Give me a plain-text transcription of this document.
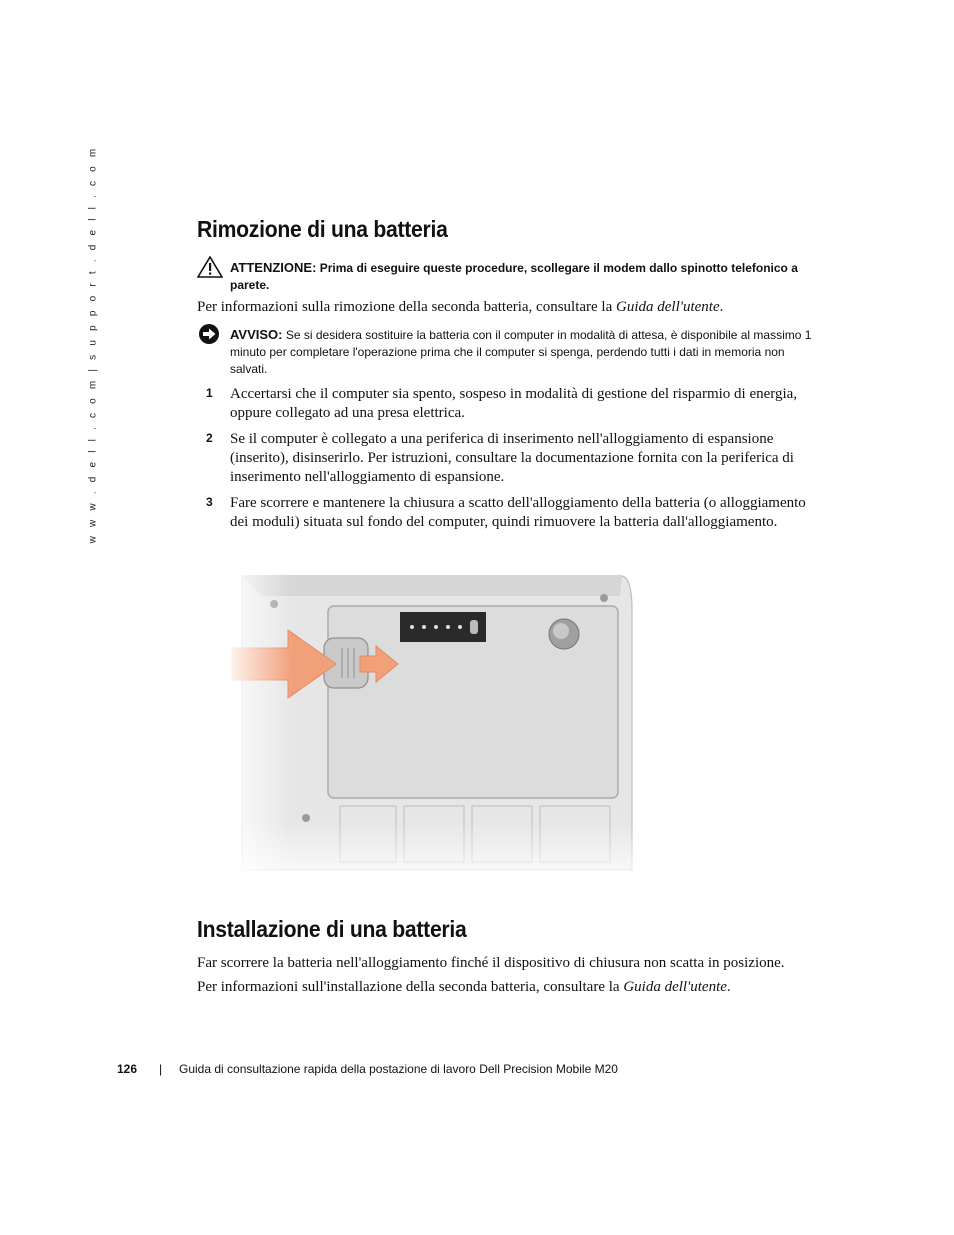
w w w . d e l l . c o m | s u p p o r t . d e l l . c o m	Rimozione di una batteria
ATTENZIONE: Prima di eseguire queste procedure, scollegare il modem dallo spinotto telefonico a parete.

Per informazioni sulla rimozione della seconda batteria, consultare la Guida dell'utente.

AVVISO: Se si desidera sostituire la batteria con il computer in modalità di attesa, è disponibile al massimo 1 minuto per completare l'operazione prima che il computer si spenga, perdendo tutti i dati in memoria non salvati.
1 Accertarsi che il computer sia spento, sospeso in modalità di gestione del risparmio di energia, oppure collegato ad una presa elettrica.
2 Se il computer è collegato a una periferica di inserimento nell'alloggiamento di espansione (inserito), disinserirlo. Per istruzioni, consultare la documentazione fornita con la periferica di inserimento nell'alloggiamento di espansione.
3 Fare scorrere e mantenere la chiusura a scatto dell'alloggiamento della batteria (o alloggiamento dei moduli) situata sul fondo del computer, quindi rimuovere la batteria dall'alloggiamento.
Installazione di una batteria

Far scorrere la batteria nell'alloggiamento finché il dispositivo di chiusura non scatta in posizione.

Per informazioni sull'installazione della seconda batteria, consultare la Guida dell'utente.

126 | Guida di consultazione rapida della postazione di lavoro Dell Precision Mobile M20
